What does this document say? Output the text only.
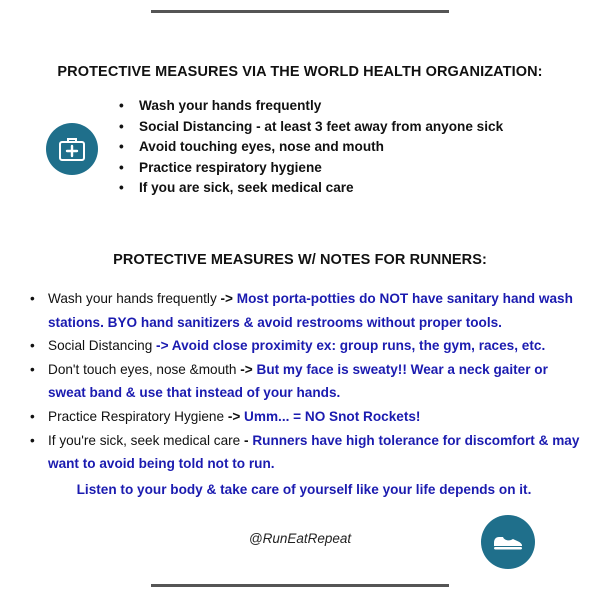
PROTECTIVE MEASURES VIA THE WORLD HEALTH ORGANIZATION:
• Wash your hands frequently
• Social Distancing - at least 3 feet away from anyone sick
• Avoid touching eyes, nose and mouth
• Practice respiratory hygiene
• If you are sick, seek medical care
PROTECTIVE MEASURES W/ NOTES FOR RUNNERS:
• Wash your hands frequently -> Most porta-potties do NOT have sanitary hand wash stations. BYO hand sanitizers & avoid restrooms without proper tools.
• Social Distancing -> Avoid close proximity ex: group runs, the gym, races, etc.
• Don't touch eyes, nose &mouth -> But my face is sweaty!! Wear a neck gaiter or sweat band & use that instead of your hands.
• Practice Respiratory Hygiene -> Umm... = NO Snot Rockets!
• If you're sick, seek medical care - Runners have high tolerance for discomfort & may want to avoid being told not to run.
Listen to your body & take care of yourself like your life depends on it.
@RunEatRepeat
